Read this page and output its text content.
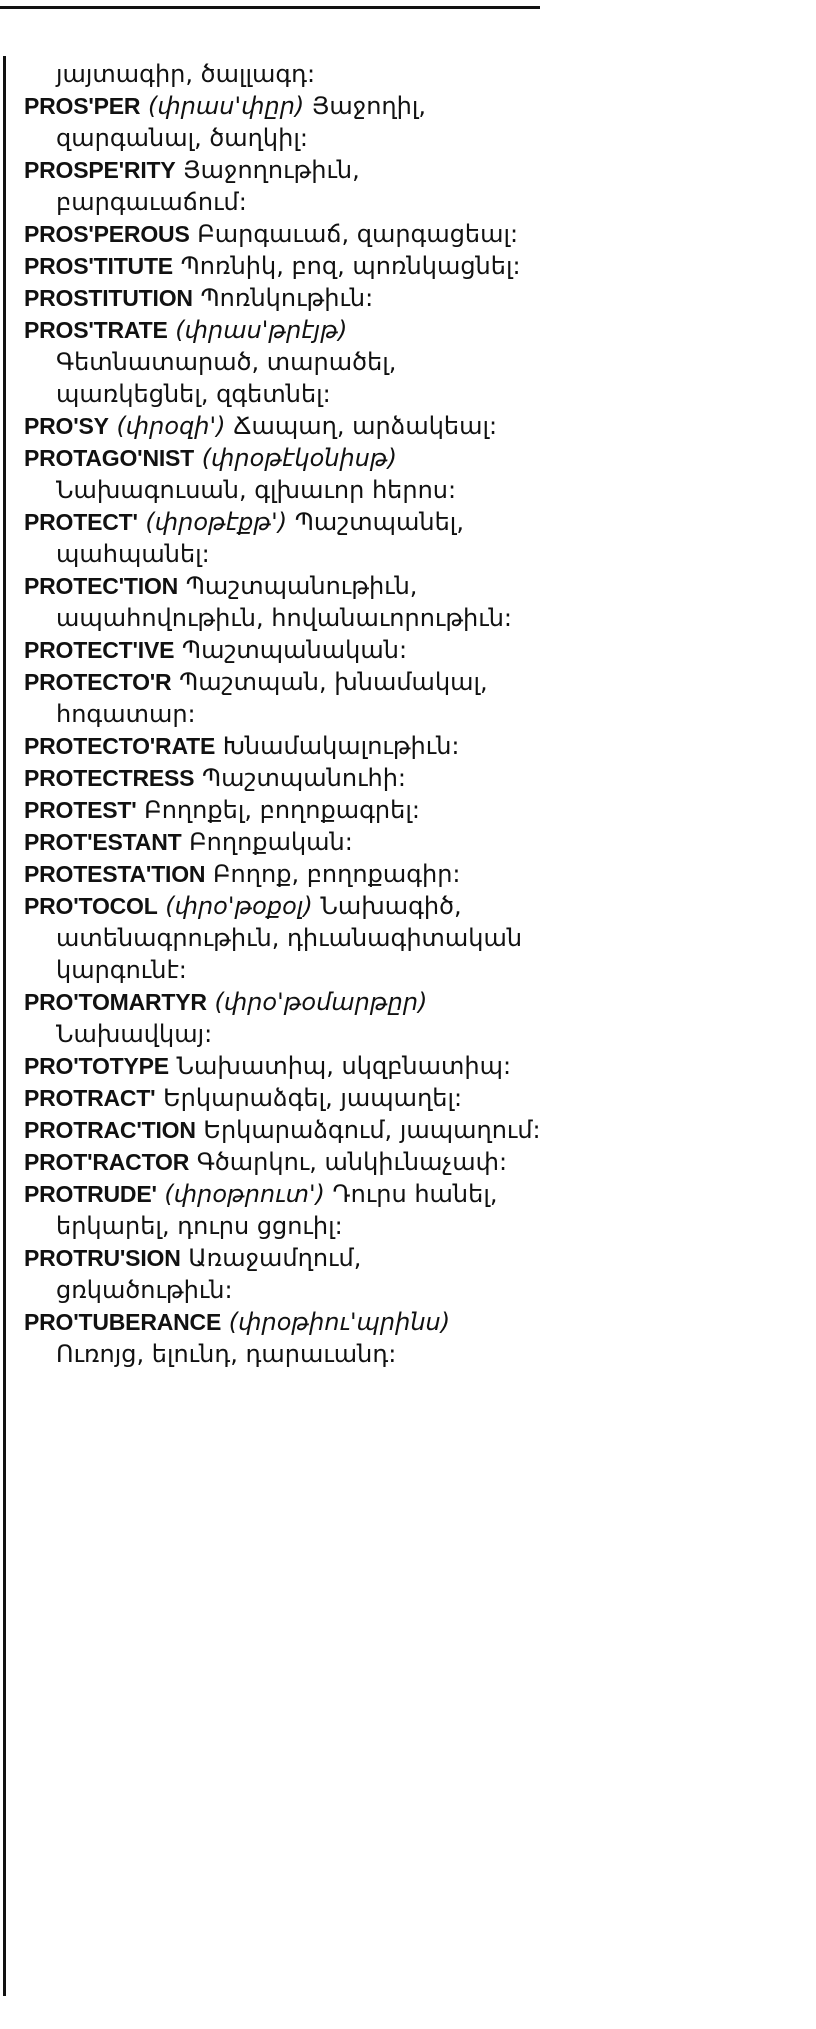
յայտագիր, ծալլագդ:

PROS'PER (փրաս'փըր) Յաջողիլ, զարգանալ, ծաղկիլ:

PROSPE'RITY Յաջողութիւն, բարգաւաճում:

PROS'PEROUS Բարգաւաճ, զարգացեալ:

PROS'TITUTE Պոռնիկ, բոզ, պոռնկացնել:

PROSTITUTION Պոռնկութիւն:

PROS'TRATE (փրաս'թրէյթ) Գետնատարած, տարածել, պառկեցնել, զգետնել:

PRO'SY (փրօզի') Ճապաղ, արձակեալ:

PROTAGO'NIST (փրօթէկօնիսթ) Նախագուսան, գլխաւոր հերոս:

PROTECT' (փրօթէքթ') Պաշտպանել, պահպանել:

PROTEC'TION Պաշտպանութիւն, ապահովութիւն, հովանաւորութիւն:

PROTECT'IVE Պաշտպանական:

PROTECTO'R Պաշտպան, խնամակալ, հոգատար:

PROTECTO'RATE Խնամակալութիւն:

PROTECTRESS Պաշտպանուհի:

PROTEST' Բողոքել, բողոքագրել:

PROT'ESTANT Բողոքական:

PROTESTA'TION Բողոք, բողոքագիր:

PRO'TOCOL (փրօ'թօքօլ) Նախագիծ, ատենագրութիւն, դիւանագիտական կարգունէ:

PRO'TOMARTYR (փրօ'թօմարթըր) Նախավկայ:

PRO'TOTYPE Նախատիպ, սկզբնատիպ:

PROTRACT' Երկարաձգել, յապաղել:

PROTRAC'TION Երկարաձգում, յապաղում:

PROT'RACTOR Գծարկու, անկիւնաչափ:

PROTRUDE' (փրօթրուտ') Դուրս հանել, երկարել, դուրս ցցուիլ:

PROTRU'SION Առաջամղում, ցռկածութիւն:

PRO'TUBERANCE (փրօթիու'պրինս) Ուռոյց, ելունդ, դարաւանդ:
